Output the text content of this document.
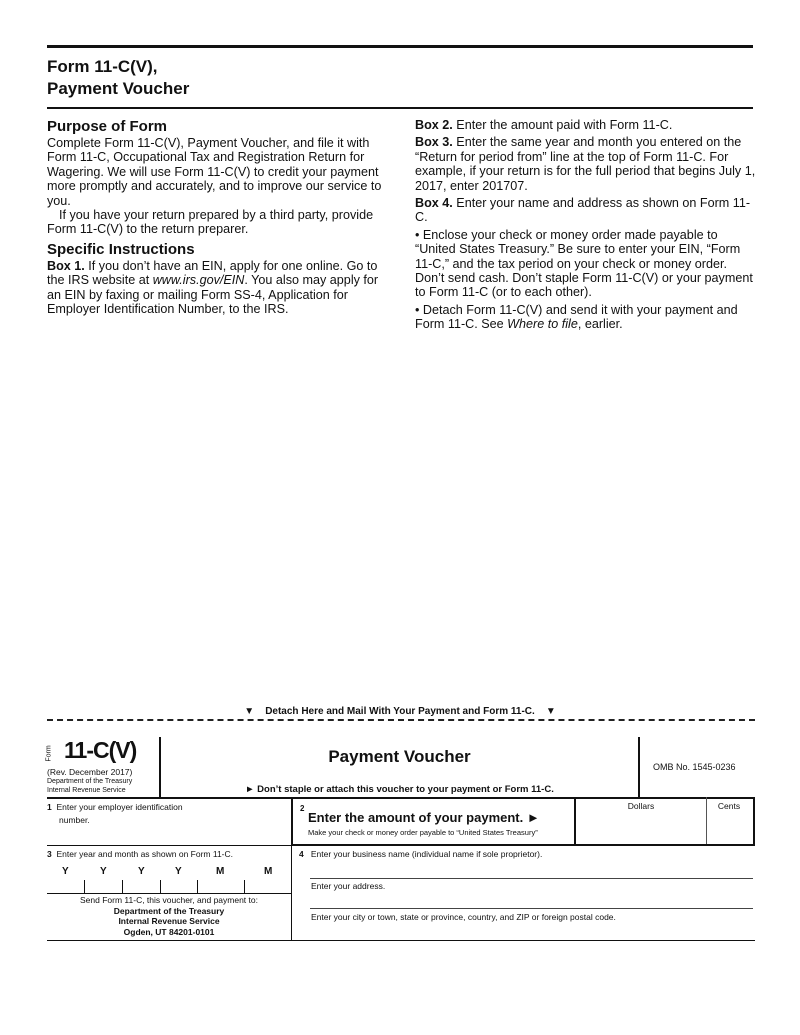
Form 11-C(V),
Payment Voucher

Purpose of Form

Complete Form 11-C(V), Payment Voucher, and file it with Form 11-C, Occupational Tax and Registration Return for Wagering. We will use Form 11-C(V) to credit your payment more promptly and accurately, and to improve our service to you.

If you have your return prepared by a third party, provide Form 11-C(V) to the return preparer.

Specific Instructions

Box 1. If you don’t have an EIN, apply for one online. Go to the IRS website at www.irs.gov/EIN. You also may apply for an EIN by faxing or mailing Form SS-4, Application for Employer Identification Number, to the IRS.

Box 2. Enter the amount paid with Form 11-C.

Box 3. Enter the same year and month you entered on the “Return for period from” line at the top of Form 11-C. For example, if your return is for the full period that begins July 1, 2017, enter 201707.

Box 4. Enter your name and address as shown on Form 11-C.

• Enclose your check or money order made payable to “United States Treasury.” Be sure to enter your EIN, “Form 11-C,” and the tax period on your check or money order. Don’t send cash. Don’t staple Form 11-C(V) or your payment to Form 11-C (or to each other).

• Detach Form 11-C(V) and send it with your payment and Form 11-C. See Where to file, earlier.

▼    Detach Here and Mail With Your Payment and Form 11-C.    ▼
Form 11-C(V)
(Rev. December 2017)
Department of the Treasury
Internal Revenue Service
Payment Voucher
► Don’t staple or attach this voucher to your payment or Form 11-C.
OMB No. 1545-0236
1 Enter your employer identification
number.
2
Enter the amount of your payment. ►
Make your check or money order payable to “United States Treasury”
Dollars	Cents
3 Enter year and month as shown on Form 11-C.
Y	Y	Y	Y	M	M
Send Form 11-C, this voucher, and payment to:
Department of the Treasury
Internal Revenue Service
Ogden, UT 84201-0101
4 Enter your business name (individual name if sole proprietor).
Enter your address.
Enter your city or town, state or province, country, and ZIP or foreign postal code.
